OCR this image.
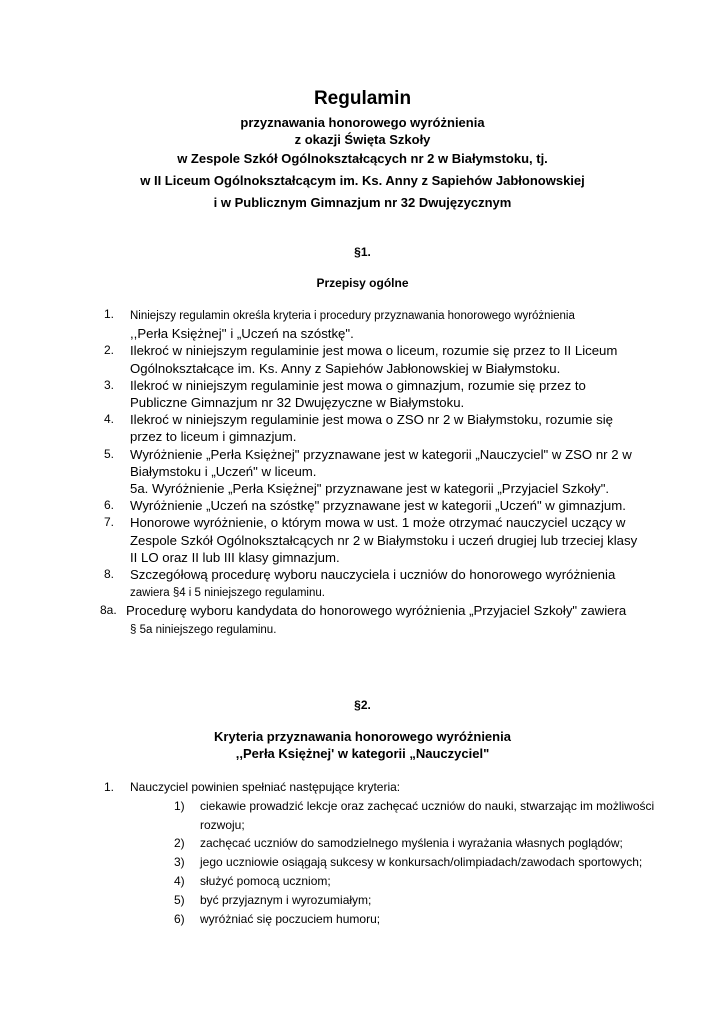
Regulamin
przyznawania honorowego wyróżnienia
z okazji Święta Szkoły
w Zespole Szkół Ogólnokształcących nr 2 w Białymstoku, tj.
w II Liceum Ogólnokształcącym im. Ks. Anny z Sapiehów Jabłonowskiej
i w Publicznym Gimnazjum nr 32 Dwujęzycznym
§1.
Przepisy ogólne
1. Niniejszy regulamin określa kryteria i procedury przyznawania honorowego wyróżnienia
,,Perła Księżnej'' i „Uczeń na szóstkę".
2. Ilekroć w niniejszym regulaminie jest mowa o liceum, rozumie się przez to II Liceum
Ogólnokształcące im. Ks. Anny z Sapiehów Jabłonowskiej w Białymstoku.
3. Ilekroć w niniejszym regulaminie jest mowa o gimnazjum, rozumie się przez to
Publiczne Gimnazjum nr 32 Dwujęzyczne w Białymstoku.
4. Ilekroć w niniejszym regulaminie jest mowa o ZSO nr 2 w Białymstoku, rozumie się
przez to liceum i gimnazjum.
5. Wyróżnienie „Perła Księżnej" przyznawane jest w kategorii „Nauczyciel" w ZSO nr 2 w
Białymstoku i „Uczeń" w liceum.
5a. Wyróżnienie „Perła Księżnej" przyznawane jest w kategorii „Przyjaciel Szkoły".
6. Wyróżnienie „Uczeń na szóstkę" przyznawane jest w kategorii „Uczeń" w gimnazjum.
7. Honorowe wyróżnienie, o którym mowa w ust. 1 może otrzymać nauczyciel uczący w
Zespole Szkół Ogólnokształcących nr 2 w Białymstoku i uczeń drugiej lub trzeciej klasy
II LO oraz II lub III klasy gimnazjum.
8. Szczegółową procedurę wyboru nauczyciela i uczniów do honorowego wyróżnienia
zawiera §4 i 5 niniejszego regulaminu.
8a. Procedurę wyboru kandydata do honorowego wyróżnienia „Przyjaciel Szkoły" zawiera
§ 5a niniejszego regulaminu.
§2.
Kryteria przyznawania honorowego wyróżnienia
,,Perła Księżnej' w kategorii „Nauczyciel"
1. Nauczyciel powinien spełniać następujące kryteria:
1) ciekawie prowadzić lekcje oraz zachęcać uczniów do nauki, stwarzając im możliwości
rozwoju;
2) zachęcać uczniów do samodzielnego myślenia i wyrażania własnych poglądów;
3) jego uczniowie osiągają sukcesy w konkursach/olimpiadach/zawodach sportowych;
4) służyć pomocą uczniom;
5) być przyjaznym i wyrozumiałym;
6) wyróżniać się poczuciem humoru;
